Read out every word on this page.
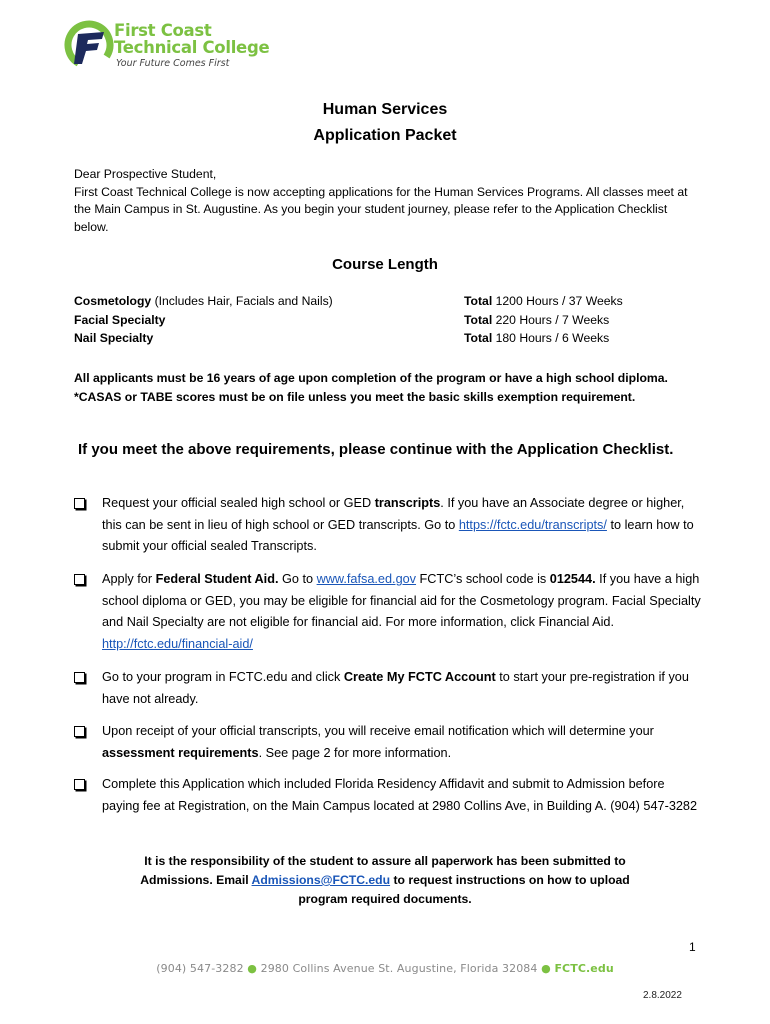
First Coast
Technical College
Your Future Comes First
Human Services
Application Packet

Dear Prospective Student,

First Coast Technical College is now accepting applications for the Human Services Programs. All classes meet at the Main Campus in St. Augustine. As you begin your student journey, please refer to the Application Checklist below.

Course Length
Cosmetology (Includes Hair, Facials and Nails)	Total 1200 Hours / 37 Weeks
Facial Specialty	Total 220 Hours / 7 Weeks
Nail Specialty	Total 180 Hours / 6 Weeks

All applicants must be 16 years of age upon completion of the program or have a high school diploma.

*CASAS or TABE scores must be on file unless you meet the basic skills exemption requirement.

If you meet the above requirements, please continue with the Application Checklist.
Request your official sealed high school or GED transcripts. If you have an Associate degree or higher, this can be sent in lieu of high school or GED transcripts. Go to https://fctc.edu/transcripts/ to learn how to submit your official sealed Transcripts.
Apply for Federal Student Aid. Go to www.fafsa.ed.gov FCTC’s school code is 012544. If you have a high school diploma or GED, you may be eligible for financial aid for the Cosmetology program. Facial Specialty and Nail Specialty are not eligible for financial aid. For more information, click Financial Aid. http://fctc.edu/financial-aid/
Go to your program in FCTC.edu and click Create My FCTC Account to start your pre-registration if you have not already.
Upon receipt of your official transcripts, you will receive email notification which will determine your assessment requirements. See page 2 for more information.
Complete this Application which included Florida Residency Affidavit and submit to Admission before paying fee at Registration, on the Main Campus located at 2980 Collins Ave, in Building A. (904) 547-3282

It is the responsibility of the student to assure all paperwork has been submitted to

Admissions. Email Admissions@FCTC.edu to request instructions on how to upload

program required documents.

1
(904) 547-3282 ● 2980 Collins Avenue St. Augustine, Florida 32084 ● FCTC.edu
2.8.2022
